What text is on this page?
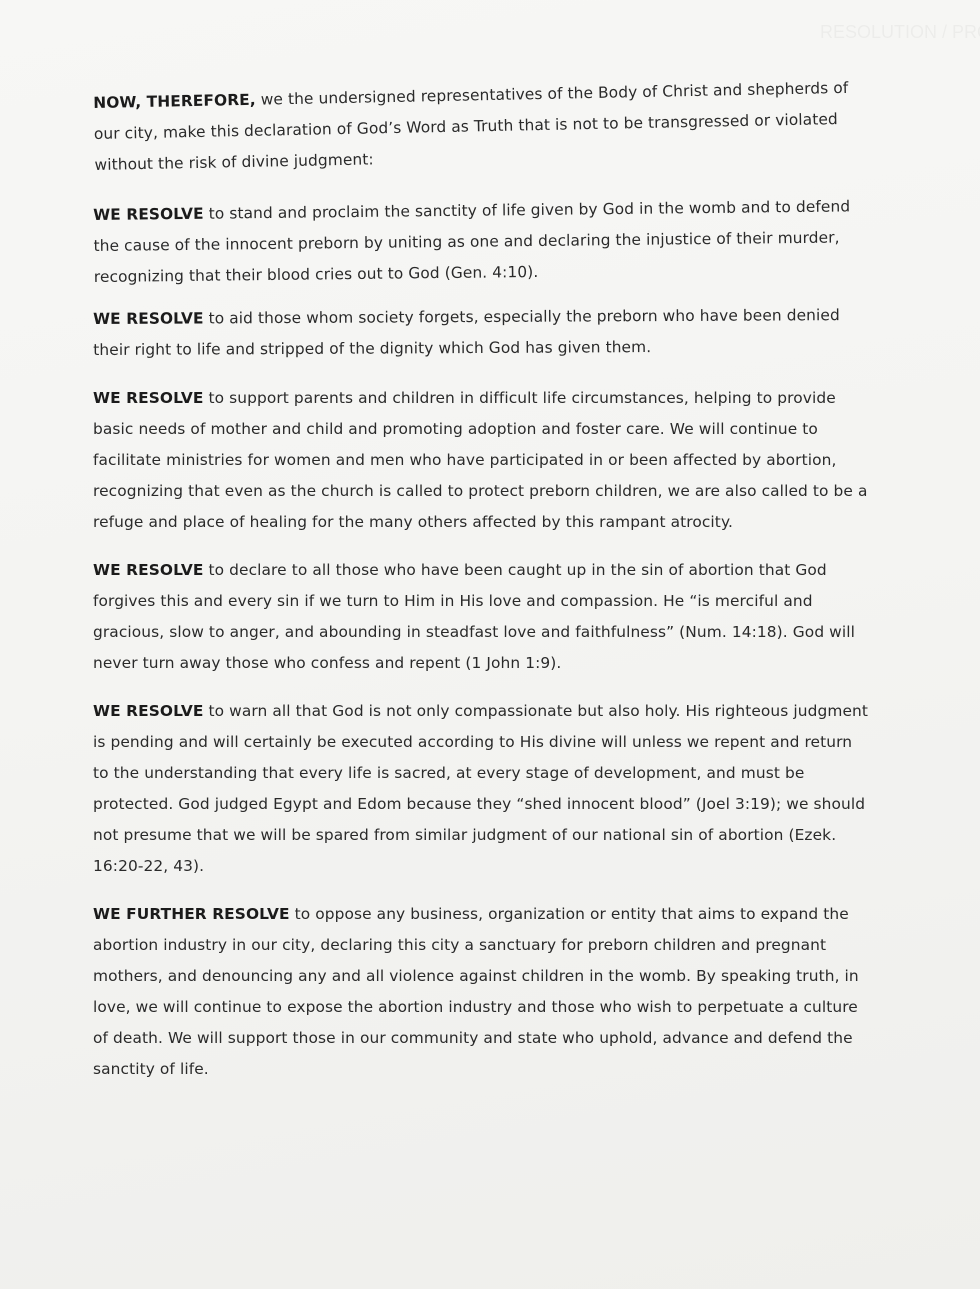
NOW, THEREFORE, we the undersigned representatives of the Body of Christ and shepherds of our city, make this declaration of God’s Word as Truth that is not to be transgressed or violated without the risk of divine judgment:

WE RESOLVE to stand and proclaim the sanctity of life given by God in the womb and to defend the cause of the innocent preborn by uniting as one and declaring the injustice of their murder, recognizing that their blood cries out to God (Gen. 4:10).

WE RESOLVE to aid those whom society forgets, especially the preborn who have been denied their right to life and stripped of the dignity which God has given them.

WE RESOLVE to support parents and children in difficult life circumstances, helping to provide basic needs of mother and child and promoting adoption and foster care. We will continue to facilitate ministries for women and men who have participated in or been affected by abortion, recognizing that even as the church is called to protect preborn children, we are also called to be a refuge and place of healing for the many others affected by this rampant atrocity.

WE RESOLVE to declare to all those who have been caught up in the sin of abortion that God forgives this and every sin if we turn to Him in His love and compassion. He “is merciful and gracious, slow to anger, and abounding in steadfast love and faithfulness” (Num. 14:18). God will never turn away those who confess and repent (1 John 1:9).

WE RESOLVE to warn all that God is not only compassionate but also holy. His righteous judgment is pending and will certainly be executed according to His divine will unless we repent and return to the understanding that every life is sacred, at every stage of development, and must be protected. God judged Egypt and Edom because they “shed innocent blood” (Joel 3:19); we should not presume that we will be spared from similar judgment of our national sin of abortion (Ezek. 16:20-22, 43).

WE FURTHER RESOLVE to oppose any business, organization or entity that aims to expand the abortion industry in our city, declaring this city a sanctuary for preborn children and pregnant mothers, and denouncing any and all violence against children in the womb. By speaking truth, in love, we will continue to expose the abortion industry and those who wish to perpetuate a culture of death. We will support those in our community and state who uphold, advance and defend the sanctity of life.
